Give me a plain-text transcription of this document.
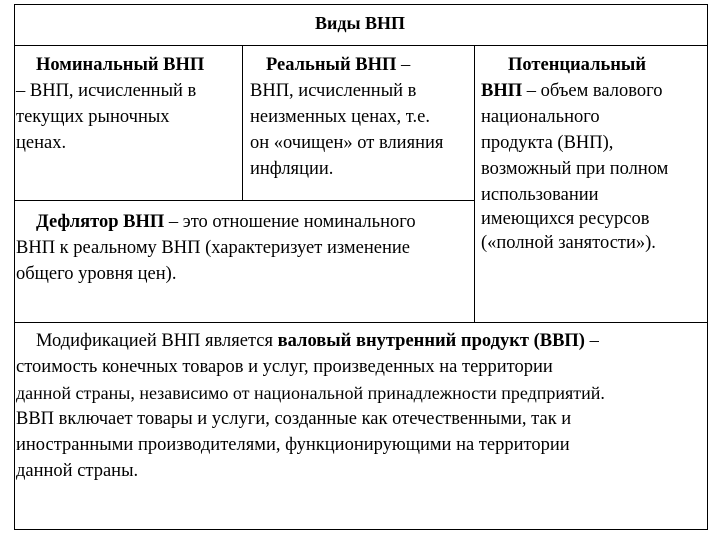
Виды ВНП
Номинальный ВНП
– ВНП, исчисленный в
текущих рыночных
ценах.
Реальный ВНП –
ВНП, исчисленный в
неизменных ценах, т.е.
он «очищен» от влияния
инфляции.
Потенциальный
ВНП – объем валового
национального
продукта (ВНП),
возможный при полном
использовании
имеющихся ресурсов
(«полной занятости»).
Дефлятор ВНП – это отношение номинального
ВНП к реальному ВНП (характеризует изменение
общего уровня цен).
Модификацией ВНП является валовый внутренний продукт (ВВП) –
стоимость конечных товаров и услуг, произведенных на территории
данной страны, независимо от национальной принадлежности предприятий.
ВВП включает товары и услуги, созданные как отечественными, так и
иностранными производителями, функционирующими на территории
данной страны.
